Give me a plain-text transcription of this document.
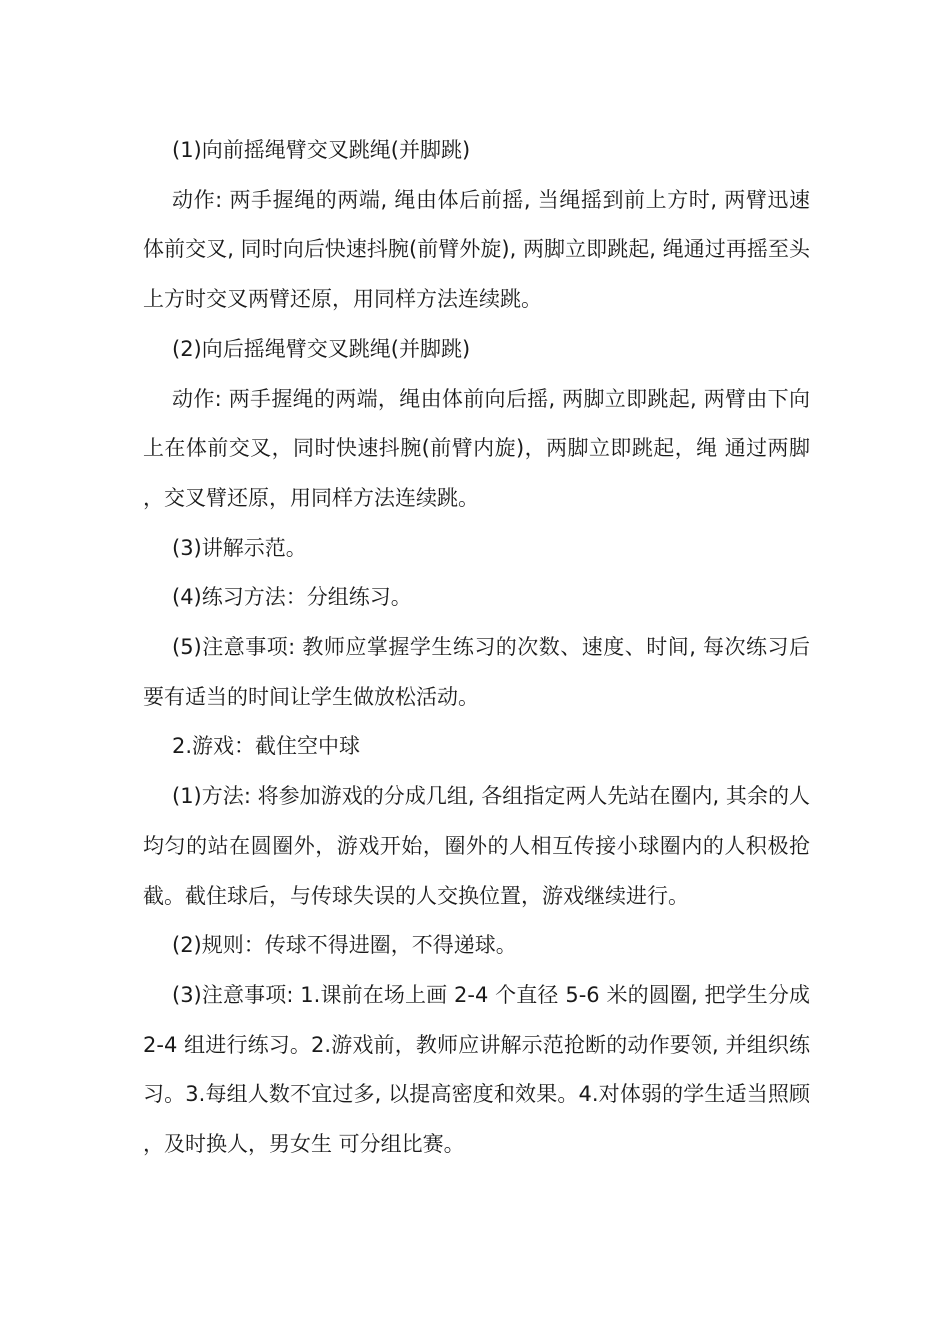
(1)向前摇绳臂交叉跳绳(并脚跳)

动作: 两手握绳的两端, 绳由体后前摇, 当绳摇到前上方时, 两臂迅速体前交叉, 同时向后快速抖腕(前臂外旋), 两脚立即跳起, 绳通过再摇至头上方时交叉两臂还原，用同样方法连续跳。

(2)向后摇绳臂交叉跳绳(并脚跳)

动作: 两手握绳的两端，绳由体前向后摇, 两脚立即跳起, 两臂由下向上在体前交叉，同时快速抖腕(前臂内旋)，两脚立即跳起，绳 通过两脚，交叉臂还原，用同样方法连续跳。

(3)讲解示范。

(4)练习方法：分组练习。

(5)注意事项: 教师应掌握学生练习的次数、速度、时间, 每次练习后要有适当的时间让学生做放松活动。

2.游戏：截住空中球

(1)方法: 将参加游戏的分成几组, 各组指定两人先站在圈内, 其余的人均匀的站在圆圈外，游戏开始，圈外的人相互传接小球圈内的人积极抢截。截住球后，与传球失误的人交换位置，游戏继续进行。

(2)规则：传球不得进圈，不得递球。

(3)注意事项: 1.课前在场上画 2-4 个直径 5-6 米的圆圈, 把学生分成 2-4 组进行练习。2.游戏前，教师应讲解示范抢断的动作要领, 并组织练习。3.每组人数不宜过多, 以提高密度和效果。4.对体弱的学生适当照顾，及时换人，男女生 可分组比赛。
